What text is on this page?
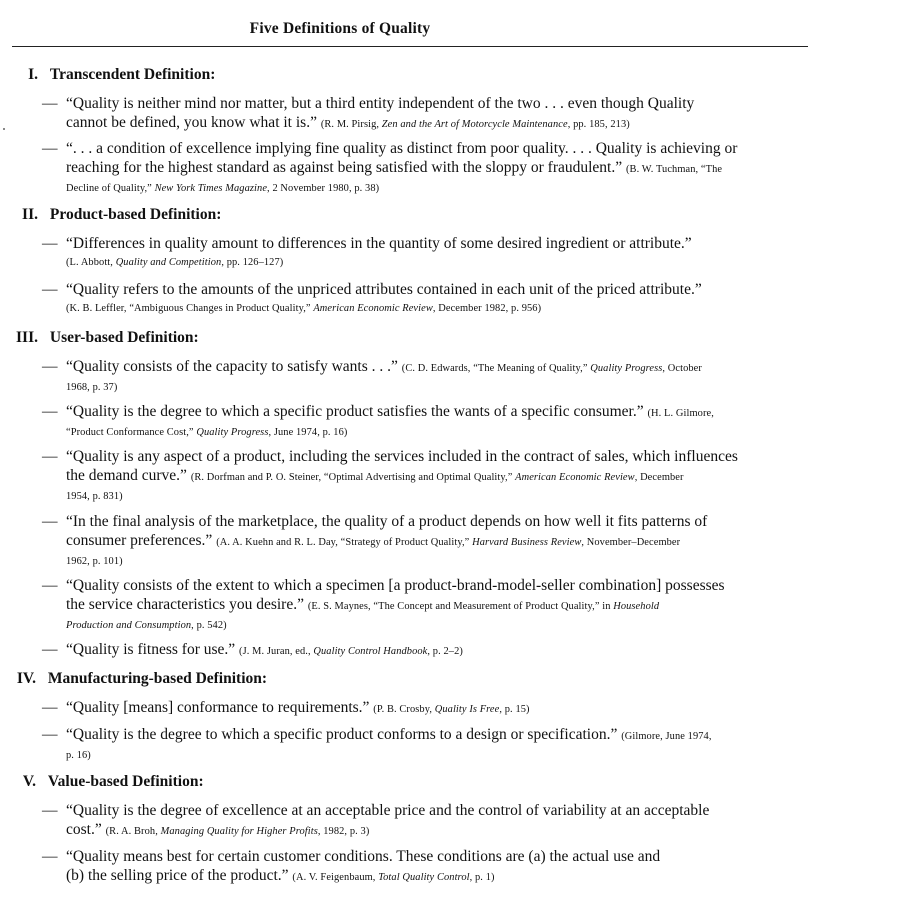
Five Definitions of Quality
I. Transcendent Definition:
— “Quality is neither mind nor matter, but a third entity independent of the two . . . even though Quality
cannot be defined, you know what it is.” (R. M. Pirsig, Zen and the Art of Motorcycle Maintenance, pp. 185, 213)
— “. . . a condition of excellence implying fine quality as distinct from poor quality. . . . Quality is achieving or
reaching for the highest standard as against being satisfied with the sloppy or fraudulent.” (B. W. Tuchman, “The
Decline of Quality,” New York Times Magazine, 2 November 1980, p. 38)
II. Product-based Definition:
— “Differences in quality amount to differences in the quantity of some desired ingredient or attribute.”
(L. Abbott, Quality and Competition, pp. 126–127)
— “Quality refers to the amounts of the unpriced attributes contained in each unit of the priced attribute.”
(K. B. Leffler, “Ambiguous Changes in Product Quality,” American Economic Review, December 1982, p. 956)
III. User-based Definition:
— “Quality consists of the capacity to satisfy wants . . .” (C. D. Edwards, “The Meaning of Quality,” Quality Progress, October
1968, p. 37)
— “Quality is the degree to which a specific product satisfies the wants of a specific consumer.” (H. L. Gilmore,
“Product Conformance Cost,” Quality Progress, June 1974, p. 16)
— “Quality is any aspect of a product, including the services included in the contract of sales, which influences
the demand curve.” (R. Dorfman and P. O. Steiner, “Optimal Advertising and Optimal Quality,” American Economic Review, December
1954, p. 831)
— “In the final analysis of the marketplace, the quality of a product depends on how well it fits patterns of
consumer preferences.” (A. A. Kuehn and R. L. Day, “Strategy of Product Quality,” Harvard Business Review, November–December
1962, p. 101)
— “Quality consists of the extent to which a specimen [a product-brand-model-seller combination] possesses
the service characteristics you desire.” (E. S. Maynes, “The Concept and Measurement of Product Quality,” in Household
Production and Consumption, p. 542)
— “Quality is fitness for use.” (J. M. Juran, ed., Quality Control Handbook, p. 2–2)
IV. Manufacturing-based Definition:
— “Quality [means] conformance to requirements.” (P. B. Crosby, Quality Is Free, p. 15)
— “Quality is the degree to which a specific product conforms to a design or specification.” (Gilmore, June 1974,
p. 16)
V. Value-based Definition:
— “Quality is the degree of excellence at an acceptable price and the control of variability at an acceptable
cost.” (R. A. Broh, Managing Quality for Higher Profits, 1982, p. 3)
— “Quality means best for certain customer conditions. These conditions are (a) the actual use and
(b) the selling price of the product.” (A. V. Feigenbaum, Total Quality Control, p. 1)
